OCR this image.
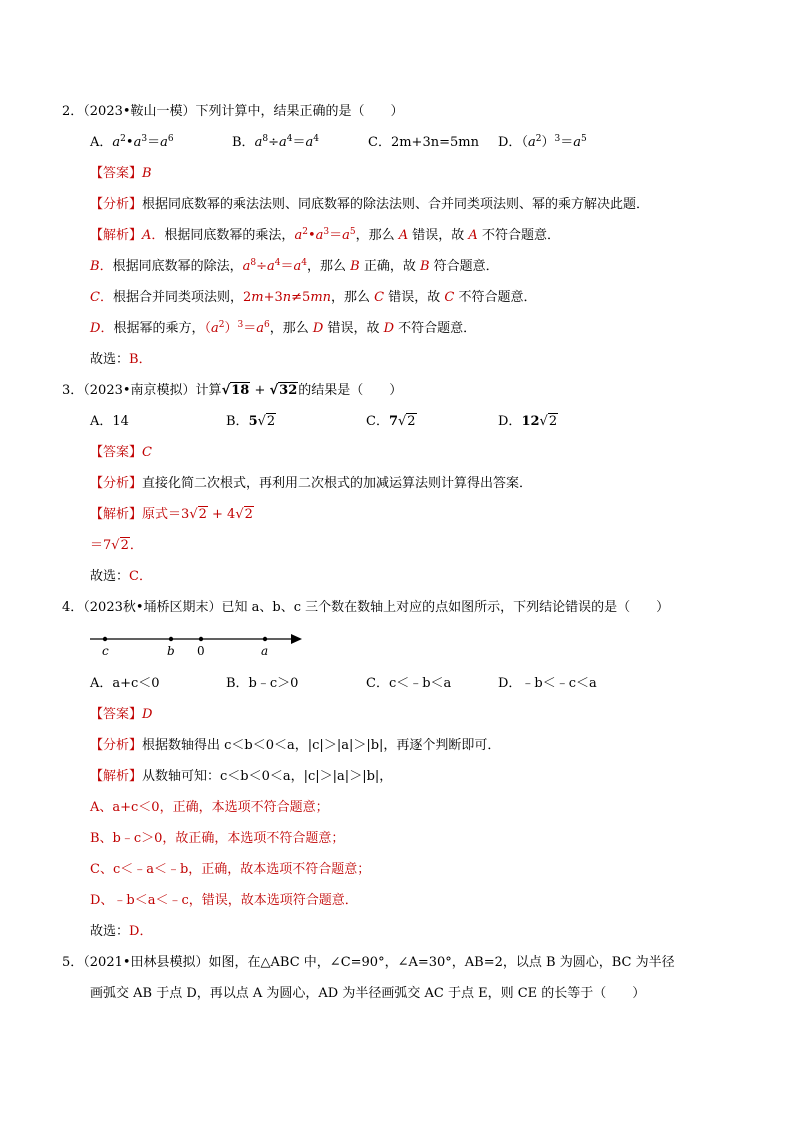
2．（2023•鞍山一模）下列计算中，结果正确的是（　　）
A．$a^2•a^3=a^6$	B．$a^8\div a^4=a^4$	C．2m+3n=5mn D．$(a^2)^3=a^5$
【答案】B
【分析】根据同底数幂的乘法法则、同底数幂的除法法则、合并同类项法则、幂的乘方解决此题．
【解析】A．根据同底数幂的乘法，$a^2•a^3=a^5$，那么 A 错误，故 A 不符合题意．
B．根据同底数幂的除法，$a^8\div a^4=a^4$，那么 B 正确，故 B 符合题意．
C．根据合并同类项法则，2m+3n≠5mn，那么 C 错误，故 C 不符合题意．
D．根据幂的乘方，$(a^2)^3=a^6$，那么 D 错误，故 D 不符合题意．
故选：B．
3．（2023•南京模拟）计算√18 + √32的结果是（　　）
A．14	B．5√2	C．7√2	D．12√2
【答案】C
【分析】直接化简二次根式，再利用二次根式的加减运算法则计算得出答案．
【解析】原式＝3√2 + 4√2
＝7√2．
故选：C．
4．（2023秋•埇桥区期末）已知 a、b、c 三个数在数轴上对应的点如图所示，下列结论错误的是（　　）
c	b 0	a
A．a+c＜0	B．b﹣c＞0	C．c＜﹣b＜a	D．﹣b＜﹣c＜a
【答案】D
【分析】根据数轴得出 c＜b＜0＜a，|c|＞|a|＞|b|，再逐个判断即可．
【解析】从数轴可知：c＜b＜0＜a，|c|＞|a|＞|b|，
A、a+c＜0，正确，本选项不符合题意；
B、b﹣c＞0，故正确，本选项不符合题意；
C、c＜﹣a＜﹣b，正确，故本选项不符合题意；
D、﹣b＜a＜﹣c，错误，故本选项符合题意．
故选：D．
5．（2021•田林县模拟）如图，在△ABC 中，∠C=90°，∠A=30°，AB=2，以点 B 为圆心，BC 为半径
画弧交 AB 于点 D，再以点 A 为圆心，AD 为半径画弧交 AC 于点 E，则 CE 的长等于（　　）
